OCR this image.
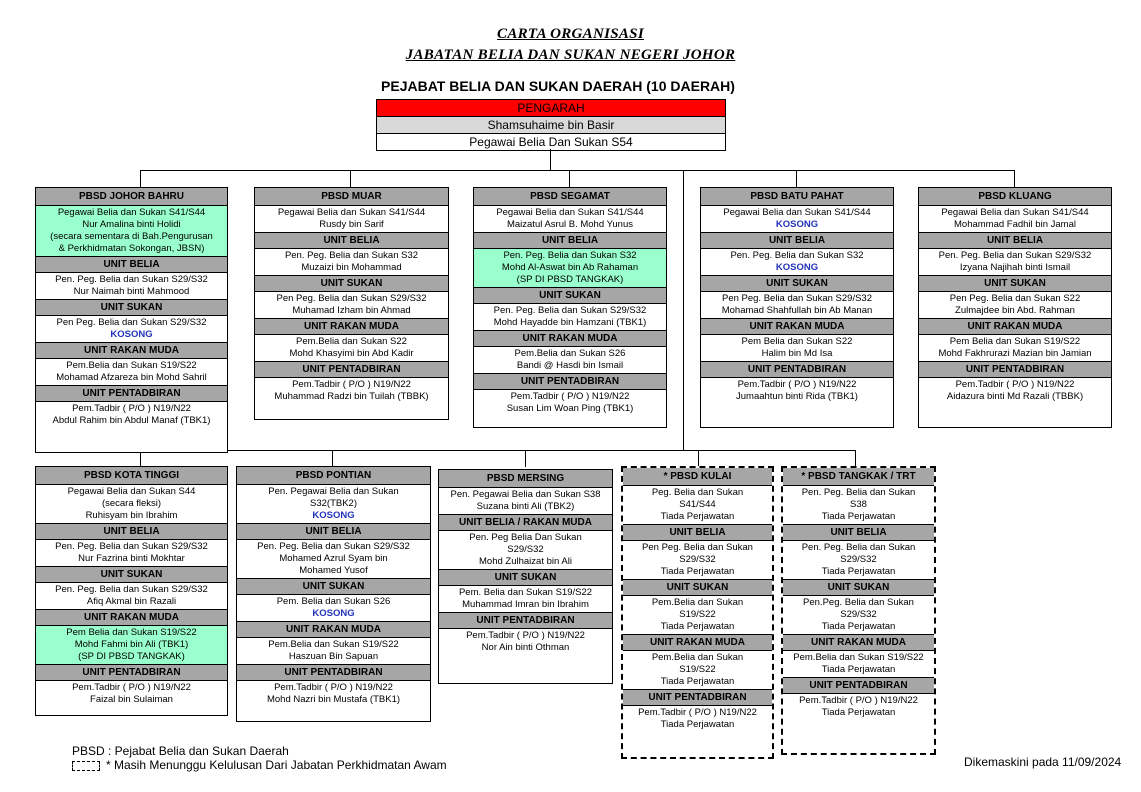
CARTA ORGANISASI
JABATAN BELIA DAN SUKAN NEGERI JOHOR
PEJABAT BELIA DAN SUKAN DAERAH (10 DAERAH)
PENGARAH
Shamsuhaime bin Basir
Pegawai Belia Dan Sukan S54
PBSD JOHOR BAHRU
Pegawai Belia dan Sukan S41/S44
Nur Amalina binti Holidi
(secara sementara di Bah.Pengurusan
& Perkhidmatan Sokongan, JBSN)
UNIT BELIA
Pen. Peg. Belia dan Sukan S29/S32
Nur Naimah binti Mahmood
UNIT SUKAN
Pen Peg. Belia dan Sukan S29/S32
KOSONG
UNIT RAKAN MUDA
Pem.Belia dan Sukan S19/S22
Mohamad Afzareza bin Mohd Sahril
UNIT PENTADBIRAN
Pem.Tadbir ( P/O ) N19/N22
Abdul Rahim bin Abdul Manaf (TBK1)
PBSD MUAR
Pegawai Belia dan Sukan S41/S44
Rusdy bin Sarif
UNIT BELIA
Pen. Peg. Belia dan Sukan S32
Muzaizi bin Mohammad
UNIT SUKAN
Pen Peg. Belia dan Sukan S29/S32
Muhamad Izham bin Ahmad
UNIT RAKAN MUDA
Pem.Belia dan Sukan S22
Mohd Khasyimi bin Abd Kadir
UNIT PENTADBIRAN
Pem.Tadbir ( P/O ) N19/N22
Muhammad Radzi bin Tuilah (TBBK)
PBSD SEGAMAT
Pegawai Belia dan Sukan S41/S44
Maizatul Asrul B. Mohd Yunus
UNIT BELIA
Pen. Peg. Belia dan Sukan S32
Mohd Al-Aswat bin Ab Rahaman
(SP DI PBSD TANGKAK)
UNIT SUKAN
Pen. Peg. Belia dan Sukan S29/S32
Mohd Hayadde bin Hamzani (TBK1)
UNIT RAKAN MUDA
Pem.Belia dan Sukan S26
Bandi @ Hasdi bin Ismail
UNIT PENTADBIRAN
Pem.Tadbir ( P/O ) N19/N22
Susan Lim Woan Ping (TBK1)
PBSD BATU PAHAT
Pegawai Belia dan Sukan S41/S44
KOSONG
UNIT BELIA
Pen. Peg. Belia dan Sukan S32
KOSONG
UNIT SUKAN
Pen Peg. Belia dan Sukan S29/S32
Mohamad Shahfullah bin Ab Manan
UNIT RAKAN MUDA
Pem Belia dan Sukan S22
Halim bin Md Isa
UNIT PENTADBIRAN
Pem.Tadbir ( P/O ) N19/N22
Jumaahtun binti Rida (TBK1)
PBSD KLUANG
Pegawai Belia dan Sukan S41/S44
Mohammad Fadhil bin Jamal
UNIT BELIA
Pen. Peg. Belia dan Sukan S29/S32
Izyana Najihah binti Ismail
UNIT SUKAN
Pen Peg. Belia dan Sukan S22
Zulmajdee bin Abd. Rahman
UNIT RAKAN MUDA
Pem Belia dan Sukan S19/S22
Mohd Fakhrurazi Mazian bin Jamian
UNIT PENTADBIRAN
Pem.Tadbir ( P/O ) N19/N22
Aidazura binti Md Razali (TBBK)
PBSD KOTA TINGGI
Pegawai Belia dan Sukan S44
(secara fleksi)
Ruhisyam bin Ibrahim
UNIT BELIA
Pen. Peg. Belia dan Sukan S29/S32
Nur Fazrina binti Mokhtar
UNIT SUKAN
Pen. Peg. Belia dan Sukan S29/S32
Afiq Akmal bin Razali
UNIT RAKAN MUDA
Pem Belia dan Sukan S19/S22
Mohd Fahmi bin Ali (TBK1)
(SP DI PBSD TANGKAK)
UNIT PENTADBIRAN
Pem.Tadbir ( P/O ) N19/N22
Faizal bin Sulaiman
PBSD PONTIAN
Pen. Pegawai Belia dan Sukan
S32(TBK2)
KOSONG
UNIT BELIA
Pen. Peg. Belia dan Sukan S29/S32
Mohamed Azrul Syam bin
Mohamed Yusof
UNIT SUKAN
Pem. Belia dan Sukan S26
KOSONG
UNIT RAKAN MUDA
Pem.Belia dan Sukan S19/S22
Haszuan Bin Sapuan
UNIT PENTADBIRAN
Pem.Tadbir ( P/O ) N19/N22
Mohd Nazri bin Mustafa (TBK1)
PBSD MERSING
Pen. Pegawai Belia dan Sukan S38
Suzana binti Ali (TBK2)
UNIT BELIA / RAKAN MUDA
Pen. Peg Belia Dan Sukan
S29/S32
Mohd Zulhaizat bin Ali
UNIT SUKAN
Pem. Belia dan Sukan S19/S22
Muhammad Imran bin Ibrahim
UNIT PENTADBIRAN
Pem.Tadbir ( P/O ) N19/N22
Nor Ain binti Othman
* PBSD KULAI
Peg. Belia dan Sukan
S41/S44
Tiada Perjawatan
UNIT BELIA
Pen Peg. Belia dan Sukan
S29/S32
Tiada Perjawatan
UNIT SUKAN
Pem.Belia dan Sukan
S19/S22
Tiada Perjawatan
UNIT RAKAN MUDA
Pem.Belia dan Sukan
S19/S22
Tiada Perjawatan
UNIT PENTADBIRAN
Pem.Tadbir ( P/O ) N19/N22
Tiada Perjawatan
* PBSD TANGKAK / TRT
Pen. Peg. Belia dan Sukan
S38
Tiada Perjawatan
UNIT BELIA
Pen. Peg. Belia dan Sukan
S29/S32
Tiada Perjawatan
UNIT SUKAN
Pen.Peg. Belia dan Sukan
S29/S32
Tiada Perjawatan
UNIT RAKAN MUDA
Pem.Belia dan Sukan S19/S22
Tiada Perjawatan
UNIT PENTADBIRAN
Pem.Tadbir ( P/O ) N19/N22
Tiada Perjawatan
PBSD : Pejabat Belia dan Sukan Daerah
* Masih Menunggu Kelulusan Dari Jabatan Perkhidmatan Awam	Dikemaskini pada 11/09/2024
